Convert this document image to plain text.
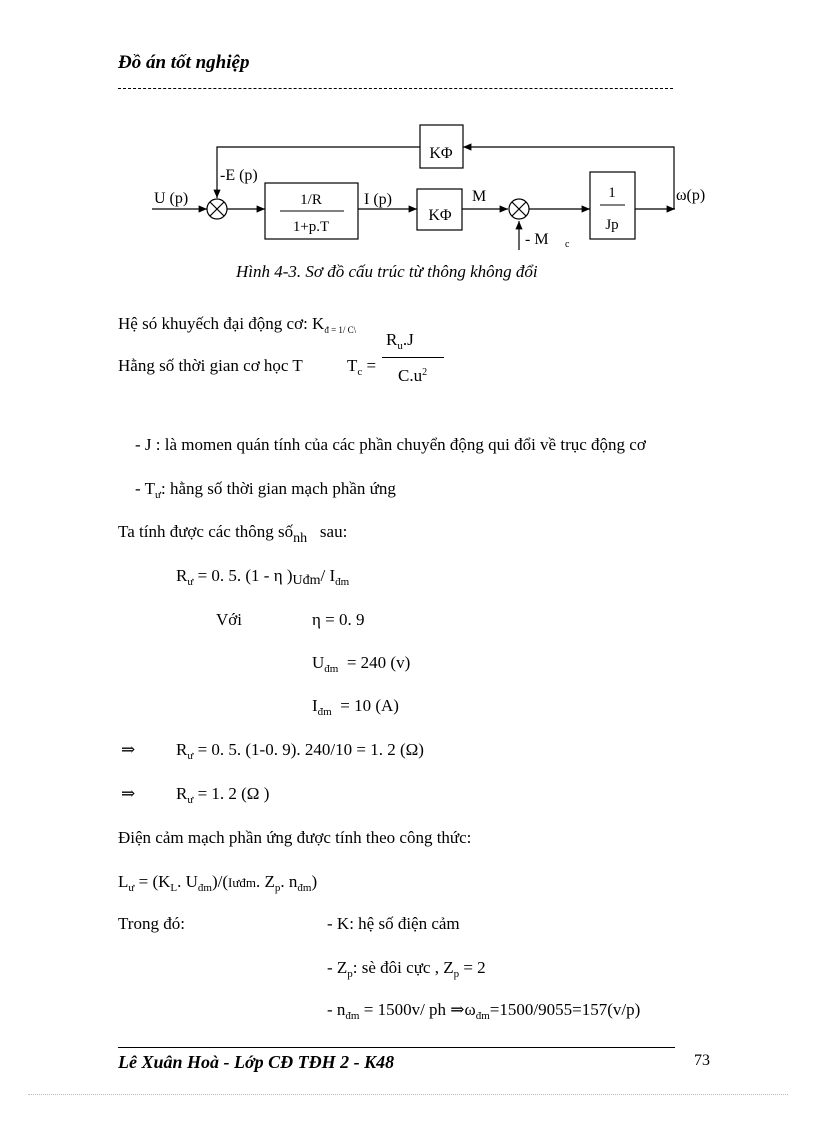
Đồ án tốt nghiệp
U (p)
-E (p)
1/R
1+p.T
I (p)
KΦ
KΦ
M
- M c
1
Jp
ω(p)
Hình 4-3. Sơ đồ cấu trúc từ thông không đổi
Hệ só khuyếch đại động cơ: $K_{đ = 1/ C\backslash}$ $R_u.J$
Hằng số thời gian cơ học T	$T_c$ =
$C.u^2$
- J : là momen quán tính của các phần chuyển động qui đổi về trục động cơ
- $T_ư$: hằng số thời gian mạch phần ứng
Ta tính được các thông số$_{nh}$ sau:
$R_ư = 0$. 5. (1 - η )Uđm/ $I_{đm}$
Với	η = 0. 9
$U_{đm} = 240$ (v)
$I_{đm} = 10$ (A)
⇒ $R_ư = 0$. 5. (1-0. 9). 240/10 = 1. 2 (Ω)
⇒ $R_ư = 1$. 2 (Ω )
Điện cảm mạch phần ứng được tính theo công thức:
$L_ư = (K_L$. $U_{đm})/(Iưđm$. $Z_p$. $n_{đm}$)
Trong đó:	- K: hệ số điện cảm
- $Z_p$: sè đôi cực , $Z_p = 2$
- $n_{đm} = 1500v/$ ph $\Rightarrow\omega_{đm}=1500/9055=157(v/p)$
Lê Xuân Hoà - Lớp CĐ TĐH 2 - K48	73
